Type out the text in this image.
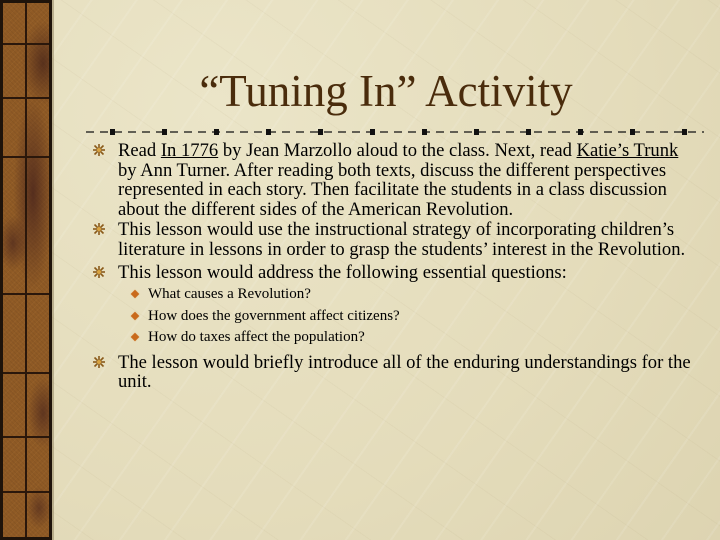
“Tuning In” Activity

Read In 1776 by Jean Marzollo aloud to the class. Next, read Katie’s Trunk by Ann Turner. After reading both texts, discuss the different perspectives represented in each story. Then facilitate the students in a class discussion about the different sides of the American Revolution.

This lesson would use the instructional strategy of incorporating children’s literature in lessons in order to grasp the students’ interest in the Revolution.

This lesson would address the following essential questions:

What causes a Revolution?
How does the government affect citizens?
How do taxes affect the population?

The lesson would briefly introduce all of the enduring understandings for the unit.
